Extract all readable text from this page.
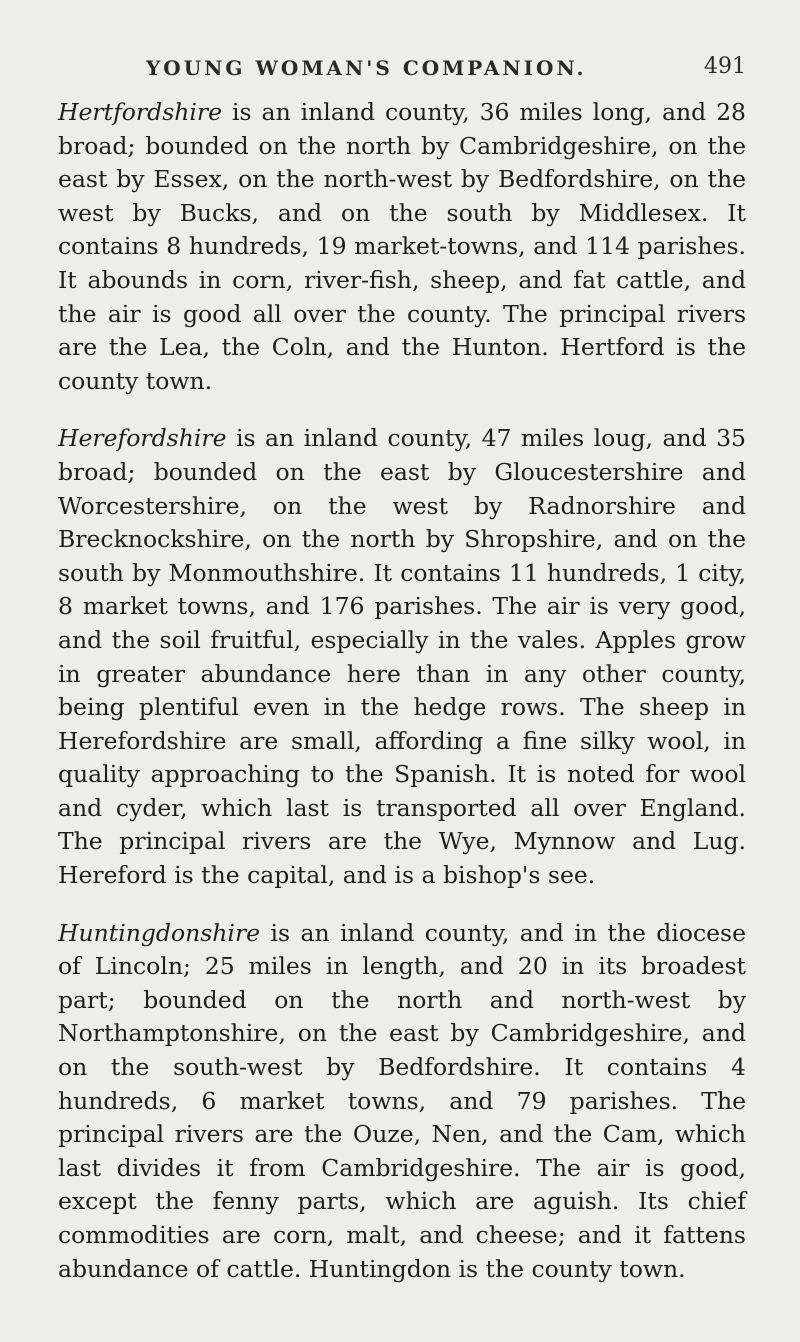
YOUNG WOMAN'S COMPANION.	491

Hertfordshire is an inland county, 36 miles long, and 28 broad; bounded on the north by Cambridgeshire, on the east by Essex, on the north-west by Bedfordshire, on the west by Bucks, and on the south by Middlesex. It contains 8 hundreds, 19 market-towns, and 114 parishes. It abounds in corn, river-fish, sheep, and fat cattle, and the air is good all over the county. The principal rivers are the Lea, the Coln, and the Hunton. Hertford is the county town.

Herefordshire is an inland county, 47 miles loug, and 35 broad; bounded on the east by Gloucestershire and Worcestershire, on the west by Radnorshire and Brecknockshire, on the north by Shropshire, and on the south by Monmouthshire. It contains 11 hundreds, 1 city, 8 market towns, and 176 parishes. The air is very good, and the soil fruitful, especially in the vales. Apples grow in greater abundance here than in any other county, being plentiful even in the hedge rows. The sheep in Herefordshire are small, affording a fine silky wool, in quality approaching to the Spanish. It is noted for wool and cyder, which last is transported all over England. The principal rivers are the Wye, Mynnow and Lug. Hereford is the capital, and is a bishop's see.

Huntingdonshire is an inland county, and in the diocese of Lincoln; 25 miles in length, and 20 in its broadest part; bounded on the north and north-west by Northamptonshire, on the east by Cambridgeshire, and on the south-west by Bedfordshire. It contains 4 hundreds, 6 market towns, and 79 parishes. The principal rivers are the Ouze, Nen, and the Cam, which last divides it from Cambridgeshire. The air is good, except the fenny parts, which are aguish. Its chief commodities are corn, malt, and cheese; and it fattens abundance of cattle. Huntingdon is the county town.
